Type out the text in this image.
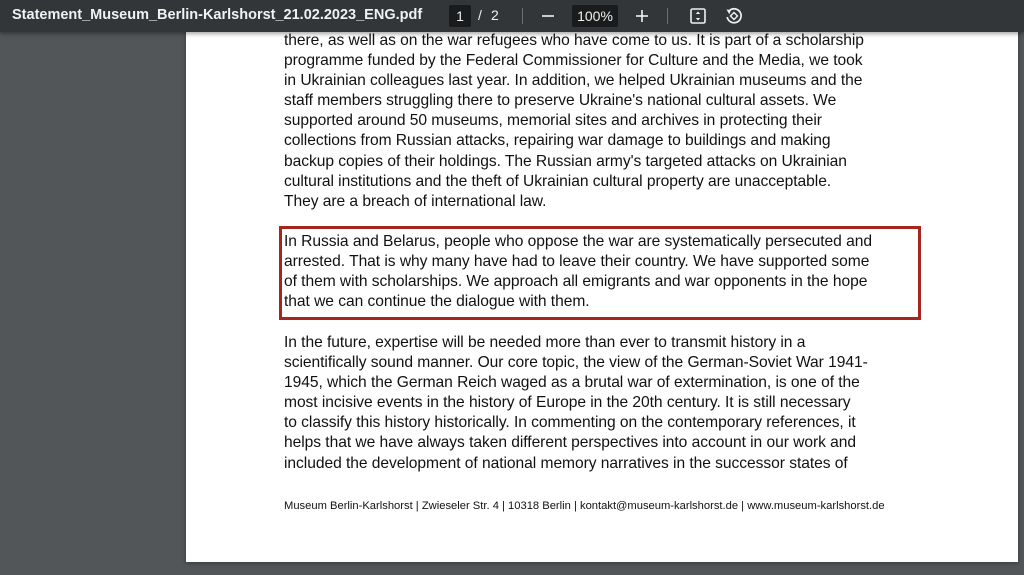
there, as well as on the war refugees who have come to us. It is part of a scholarship
programme funded by the Federal Commissioner for Culture and the Media, we took
in Ukrainian colleagues last year. In addition, we helped Ukrainian museums and the
staff members struggling there to preserve Ukraine's national cultural assets. We
supported around 50 museums, memorial sites and archives in protecting their
collections from Russian attacks, repairing war damage to buildings and making
backup copies of their holdings. The Russian army's targeted attacks on Ukrainian
cultural institutions and the theft of Ukrainian cultural property are unacceptable.
They are a breach of international law.
In Russia and Belarus, people who oppose the war are systematically persecuted and
arrested. That is why many have had to leave their country. We have supported some
of them with scholarships. We approach all emigrants and war opponents in the hope
that we can continue the dialogue with them.
In the future, expertise will be needed more than ever to transmit history in a
scientifically sound manner. Our core topic, the view of the German-Soviet War 1941-
1945, which the German Reich waged as a brutal war of extermination, is one of the
most incisive events in the history of Europe in the 20th century. It is still necessary
to classify this history historically. In commenting on the contemporary references, it
helps that we have always taken different perspectives into account in our work and
included the development of national memory narratives in the successor states of
Museum Berlin-Karlshorst | Zwieseler Str. 4 | 10318 Berlin | kontakt@museum-karlshorst.de | www.museum-karlshorst.de
Statement_Museum_Berlin-Karlshorst_21.02.2023_ENG.pdf	1	/ 2	100%
